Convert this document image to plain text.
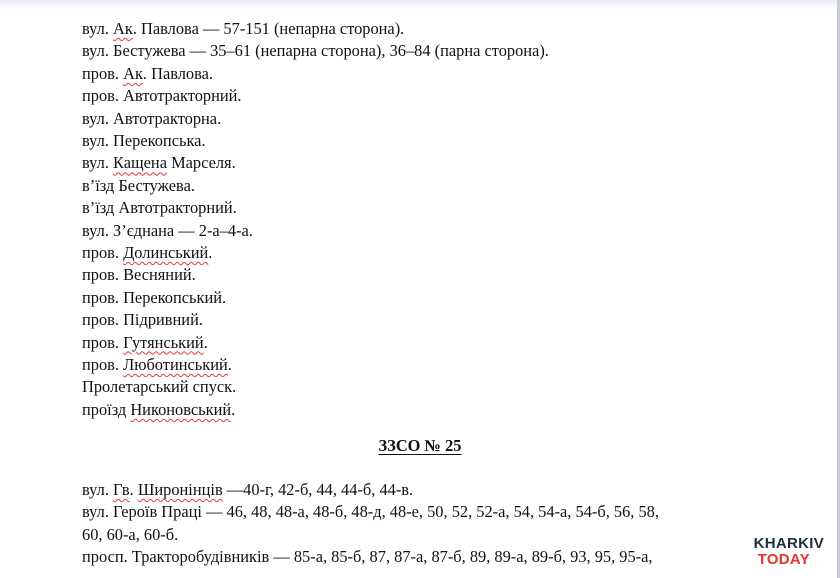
вул. Ак. Павлова — 57-151 (непарна сторона).
вул. Бестужева — 35–61 (непарна сторона), 36–84 (парна сторона).
пров. Ак. Павлова.
пров. Автотракторний.
вул. Автотракторна.
вул. Перекопська.
вул. Кащена Марселя.
в’їзд Бестужева.
в’їзд Автотракторний.
вул. З’єднана — 2-а–4-а.
пров. Долинський.
пров. Весняний.
пров. Перекопський.
пров. Підривний.
пров. Гутянський.
пров. Люботинський.
Пролетарський спуск.
проїзд Никоновський.
ЗЗСО № 25
вул. Гв. Широнінців —40-г, 42-б, 44, 44-б, 44-в.
вул. Героїв Праці — 46, 48, 48-а, 48-б, 48-д, 48-е, 50, 52, 52-а, 54, 54-а, 54-б, 56, 58,
60, 60-а, 60-б.
просп. Тракторобудівників — 85-а, 85-б, 87, 87-а, 87-б, 89, 89-а, 89-б, 93, 95, 95-а,
KHARKIV
TODAY
